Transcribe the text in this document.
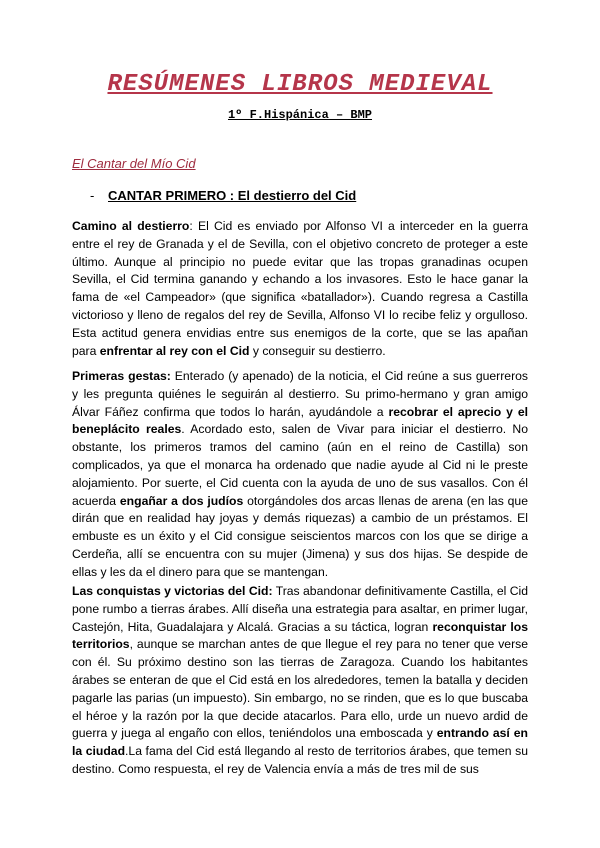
RESÚMENES LIBROS MEDIEVAL
1º F.Hispánica – BMP
El Cantar del Mío Cid
- CANTAR PRIMERO : El destierro del Cid

Camino al destierro: El Cid es enviado por Alfonso VI a interceder en la guerra entre el rey de Granada y el de Sevilla, con el objetivo concreto de proteger a este último. Aunque al principio no puede evitar que las tropas granadinas ocupen Sevilla, el Cid termina ganando y echando a los invasores. Esto le hace ganar la fama de «el Campeador» (que significa «batallador»). Cuando regresa a Castilla victorioso y lleno de regalos del rey de Sevilla, Alfonso VI lo recibe feliz y orgulloso. Esta actitud genera envidias entre sus enemigos de la corte, que se las apañan para enfrentar al rey con el Cid y conseguir su destierro.

Primeras gestas: Enterado (y apenado) de la noticia, el Cid reúne a sus guerreros y les pregunta quiénes le seguirán al destierro. Su primo-hermano y gran amigo Álvar Fáñez confirma que todos lo harán, ayudándole a recobrar el aprecio y el beneplácito reales. Acordado esto, salen de Vivar para iniciar el destierro. No obstante, los primeros tramos del camino (aún en el reino de Castilla) son complicados, ya que el monarca ha ordenado que nadie ayude al Cid ni le preste alojamiento. Por suerte, el Cid cuenta con la ayuda de uno de sus vasallos. Con él acuerda engañar a dos judíos otorgándoles dos arcas llenas de arena (en las que dirán que en realidad hay joyas y demás riquezas) a cambio de un préstamos. El embuste es un éxito y el Cid consigue seiscientos marcos con los que se dirige a Cerdeña, allí se encuentra con su mujer (Jimena) y sus dos hijas. Se despide de ellas y les da el dinero para que se mantengan.

Las conquistas y victorias del Cid: Tras abandonar definitivamente Castilla, el Cid pone rumbo a tierras árabes. Allí diseña una estrategia para asaltar, en primer lugar, Castejón, Hita, Guadalajara y Alcalá. Gracias a su táctica, logran reconquistar los territorios, aunque se marchan antes de que llegue el rey para no tener que verse con él. Su próximo destino son las tierras de Zaragoza. Cuando los habitantes árabes se enteran de que el Cid está en los alrededores, temen la batalla y deciden pagarle las parias (un impuesto). Sin embargo, no se rinden, que es lo que buscaba el héroe y la razón por la que decide atacarlos. Para ello, urde un nuevo ardid de guerra y juega al engaño con ellos, teniéndolos una emboscada y entrando así en la ciudad.La fama del Cid está llegando al resto de territorios árabes, que temen su destino. Como respuesta, el rey de Valencia envía a más de tres mil de sus
